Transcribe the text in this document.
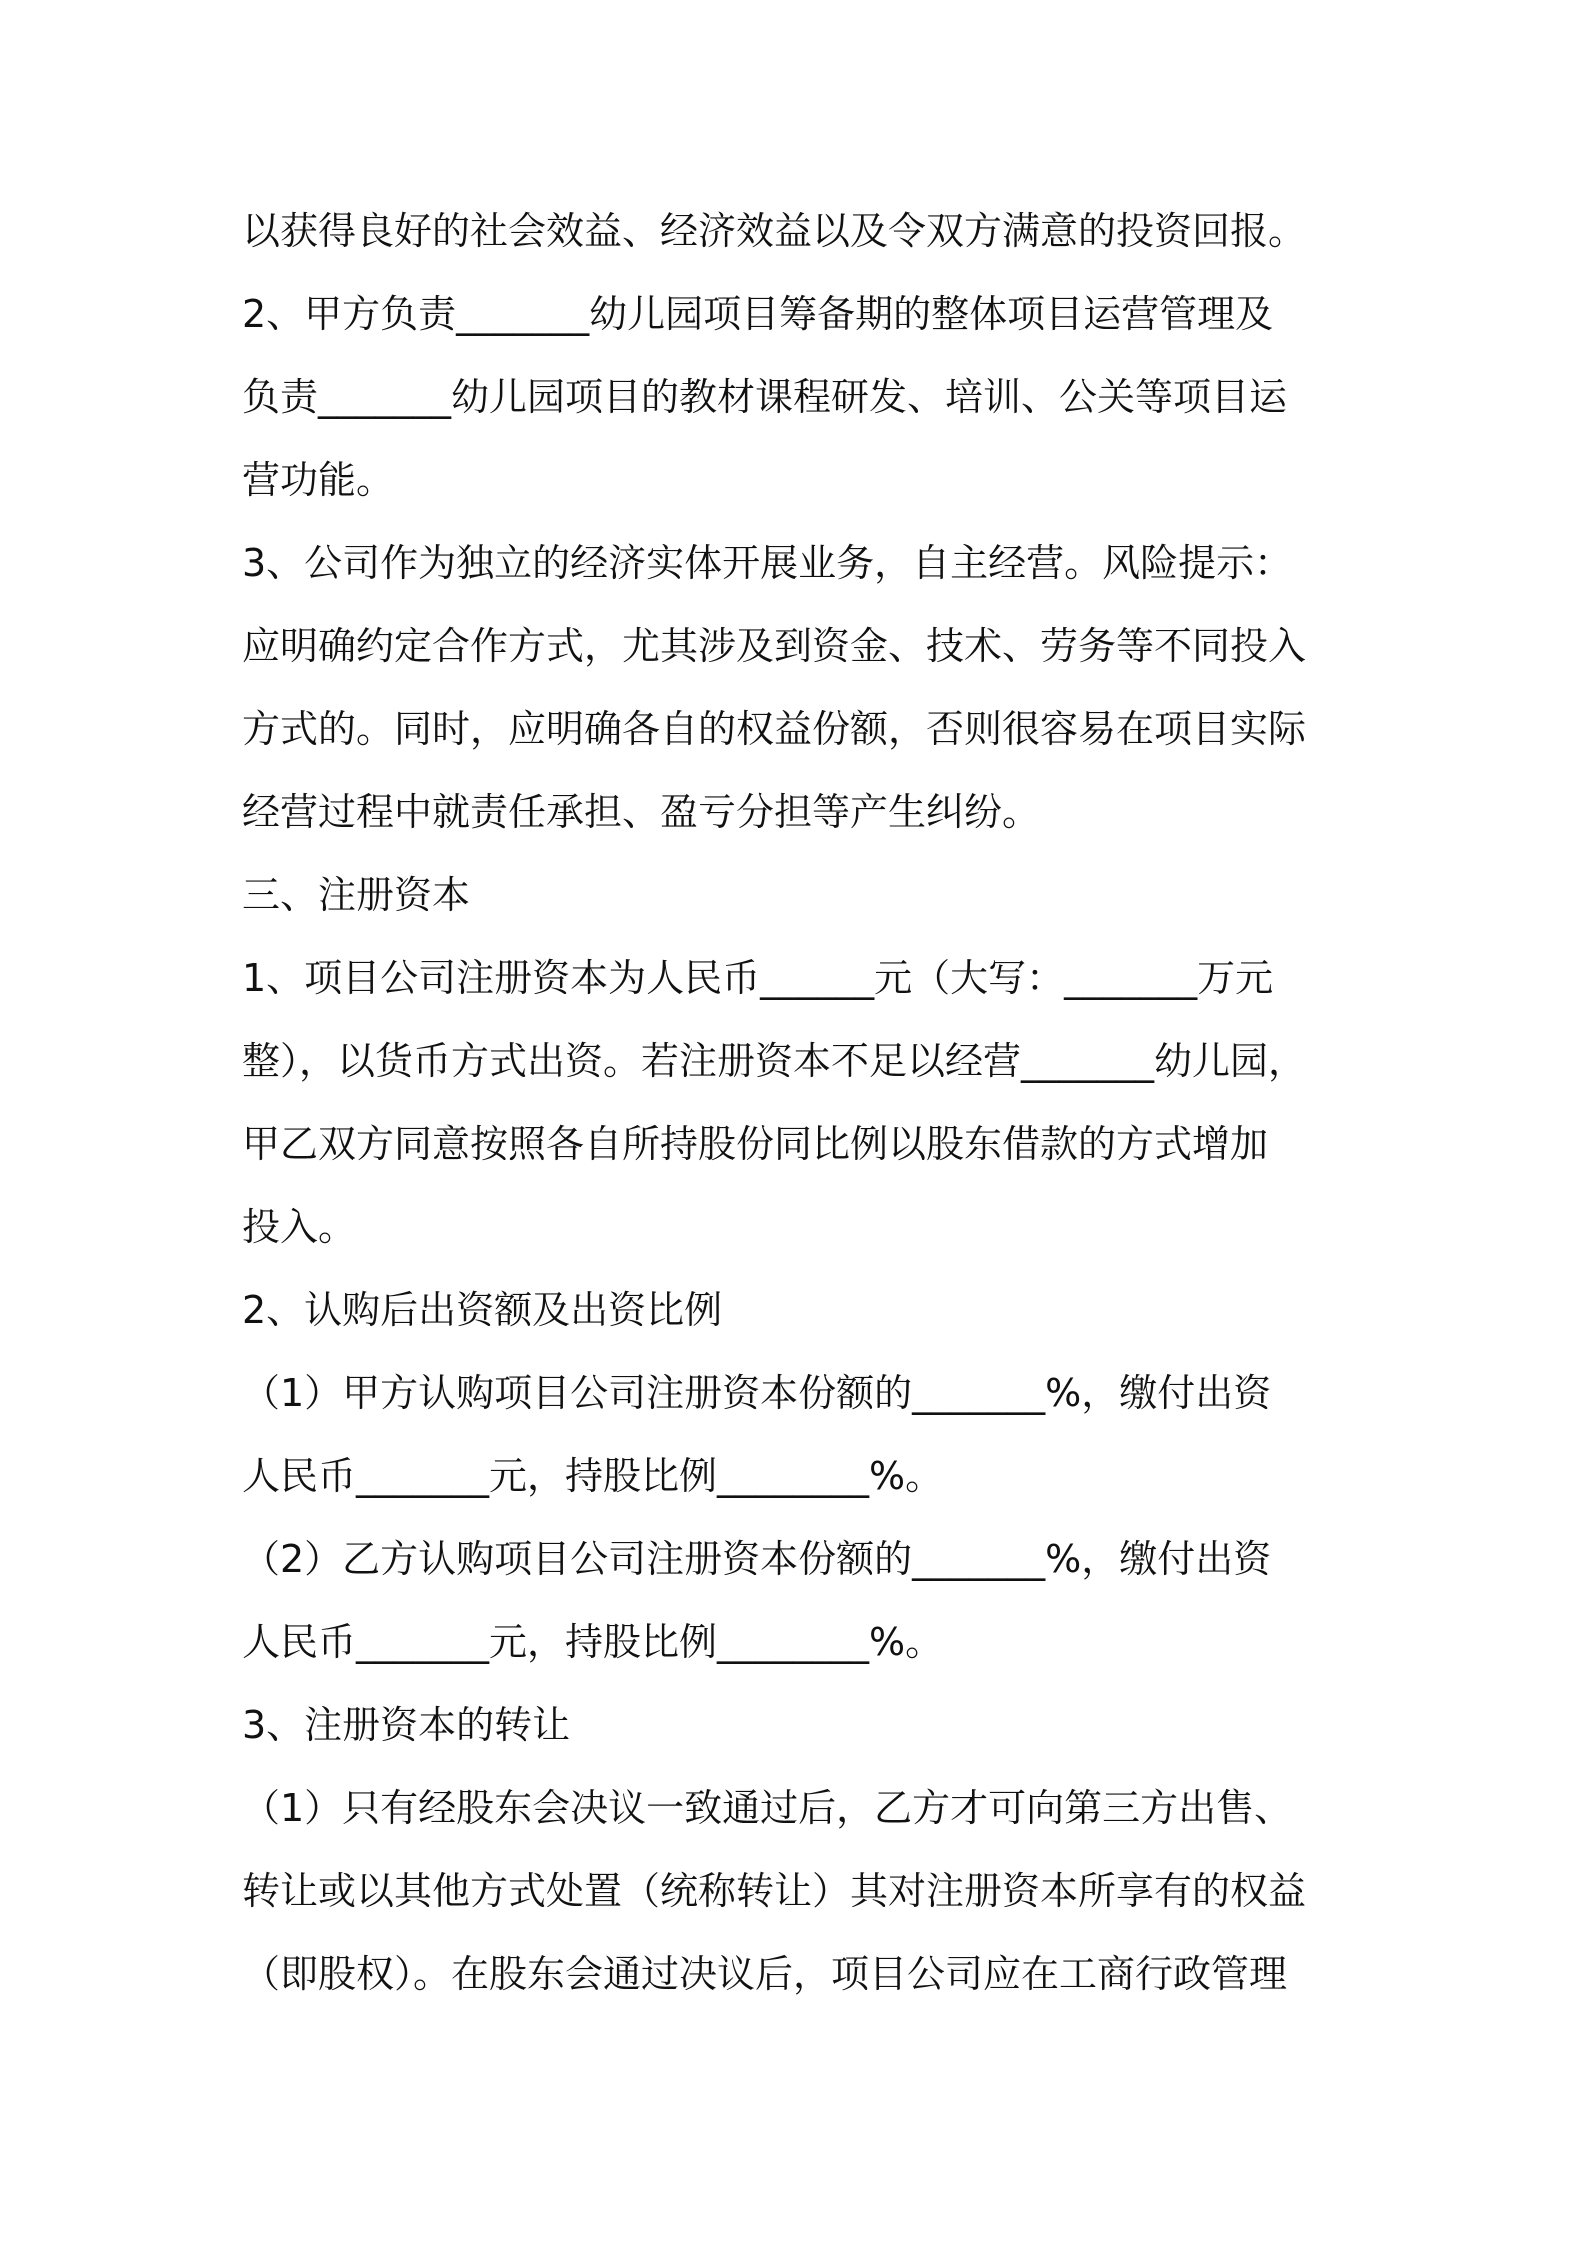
以获得良好的社会效益、经济效益以及令双方满意的投资回报。
2、甲方负责_______幼儿园项目筹备期的整体项目运营管理及
负责_______幼儿园项目的教材课程研发、培训、公关等项目运
营功能。
3、公司作为独立的经济实体开展业务，自主经营。风险提示：
应明确约定合作方式，尤其涉及到资金、技术、劳务等不同投入
方式的。同时，应明确各自的权益份额，否则很容易在项目实际
经营过程中就责任承担、盈亏分担等产生纠纷。
三、注册资本
1、项目公司注册资本为人民币______元（大写：_______万元
整），以货币方式出资。若注册资本不足以经营_______幼儿园，
甲乙双方同意按照各自所持股份同比例以股东借款的方式增加
投入。
2、认购后出资额及出资比例
（1）甲方认购项目公司注册资本份额的_______%，缴付出资
人民币_______元，持股比例________%。
（2）乙方认购项目公司注册资本份额的_______%，缴付出资
人民币_______元，持股比例________%。
3、注册资本的转让
（1）只有经股东会决议一致通过后，乙方才可向第三方出售、
转让或以其他方式处置（统称转让）其对注册资本所享有的权益
（即股权）。在股东会通过决议后，项目公司应在工商行政管理
